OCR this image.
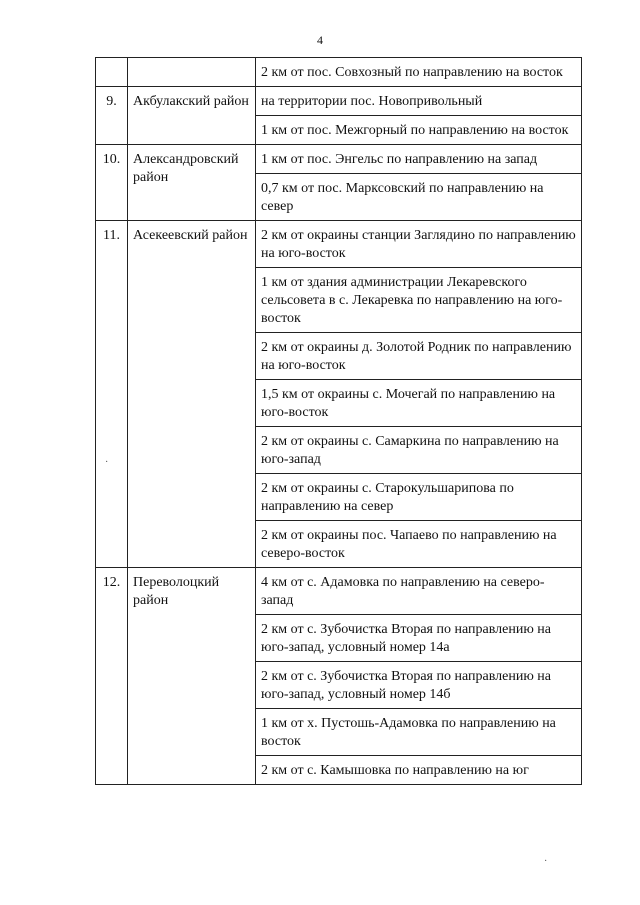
4
		2 км от пос. Совхозный по направлению на восток
9.	Акбулакский район	на территории пос. Новопривольный
		1 км от пос. Межгорный по направлению на восток
10.	Александровский район	1 км от пос. Энгельс по направлению на запад
		0,7 км от пос. Марксовский по направлению на север
11.	Асекеевский район	2 км от окраины станции Заглядино по направлению на юго-восток
		1 км от здания администрации Лекаревского сельсовета в с. Лекаревка по направлению на юго-восток
		2 км от окраины д. Золотой Родник по направлению на юго-восток
		1,5 км от окраины с. Мочегай по направлению на юго-восток
		2 км от окраины с. Самаркина по направлению на юго-запад
		2 км от окраины с. Старокульшарипова по направлению на север
		2 км от окраины пос. Чапаево по направлению на северо-восток
12.	Переволоцкий район	4 км от с. Адамовка по направлению на северо-запад
		2 км от с. Зубочистка Вторая по направлению на юго-запад, условный номер 14а
		2 км от с. Зубочистка Вторая по направлению на юго-запад, условный номер 14б
		1 км от х. Пустошь-Адамовка по направлению на восток
		2 км от с. Камышовка по направлению на юг
·
·
